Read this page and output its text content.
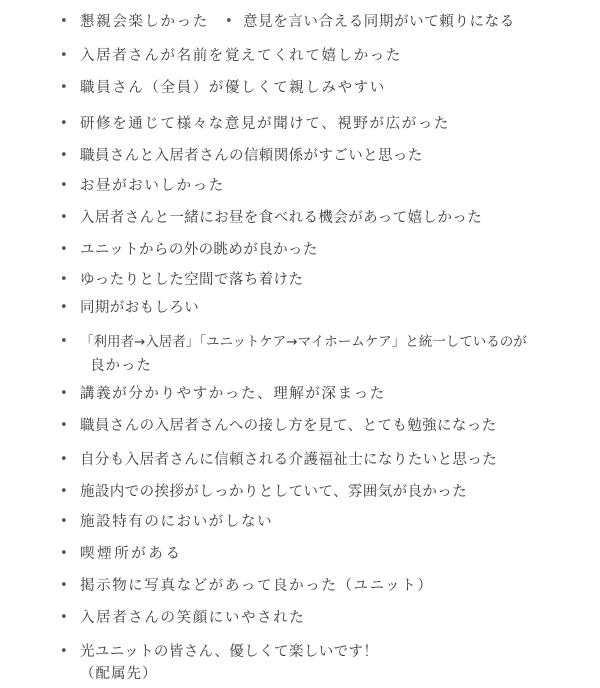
• 懇親会楽しかった • 意見を言い合える同期がいて頼りになる
• 入居者さんが名前を覚えてくれて嬉しかった
• 職員さん（全員）が優しくて親しみやすい
• 研修を通じて様々な意見が聞けて、視野が広がった
• 職員さんと入居者さんの信頼関係がすごいと思った
• お昼がおいしかった
• 入居者さんと一緒にお昼を食べれる機会があって嬉しかった
• ユニットからの外の眺めが良かった
• ゆったりとした空間で落ち着けた
• 同期がおもしろい
• 「利用者→入居者」「ユニットケア→マイホームケア」と統一しているのが
良かった
• 講義が分かりやすかった、理解が深まった
• 職員さんの入居者さんへの接し方を見て、とても勉強になった
• 自分も入居者さんに信頼される介護福祉士になりたいと思った
• 施設内での挨拶がしっかりとしていて、雰囲気が良かった
• 施設特有のにおいがしない
• 喫煙所がある
• 掲示物に写真などがあって良かった（ユニット）
• 入居者さんの笑顔にいやされた
• 光ユニットの皆さん、優しくて楽しいです！
（配属先）
